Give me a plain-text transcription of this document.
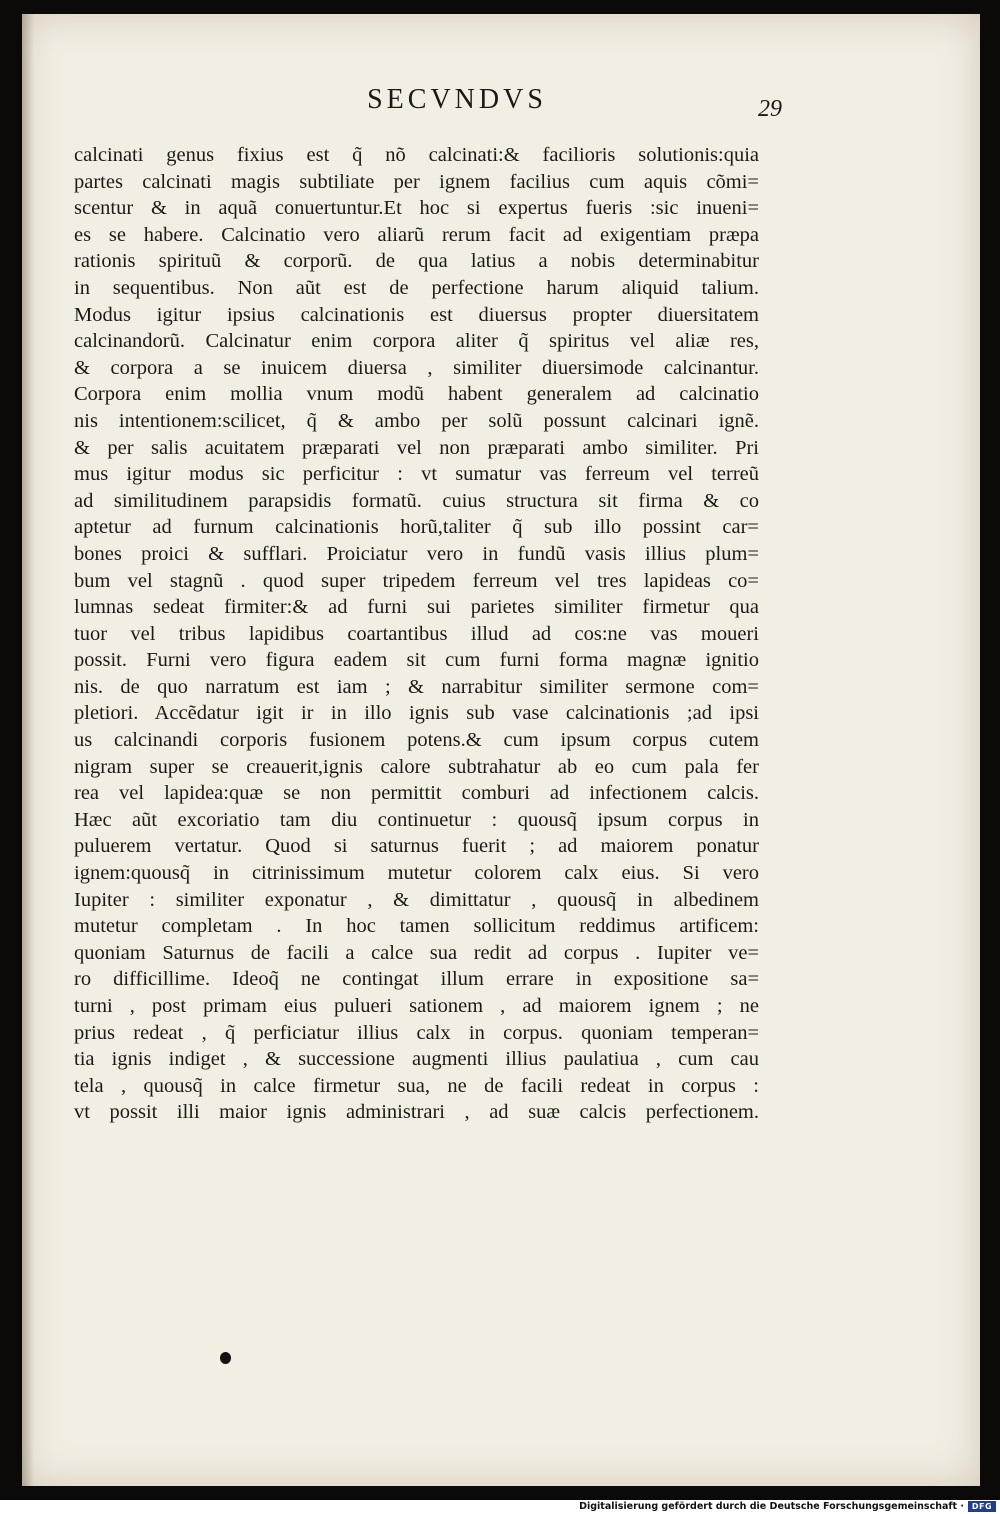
SECVNDVS	29
calcinati genus fixius est q̃ nõ calcinati:& facilioris solutionis:quia
partes calcinati magis subtiliate per ignem facilius cum aquis cõmi=
scentur & in aquã conuertuntur.Et hoc si expertus fueris :sic inueni=
es se habere. Calcinatio vero aliarũ rerum facit ad exigentiam præpa
rationis spirituũ & corporũ. de qua latius a nobis determinabitur
in sequentibus. Non aũt est de perfectione harum aliquid talium.
Modus igitur ipsius calcinationis est diuersus propter diuersitatem
calcinandorũ. Calcinatur enim corpora aliter q̃ spiritus vel aliæ res,
& corpora a se inuicem diuersa , similiter diuersimode calcinantur.
Corpora enim mollia vnum modũ habent generalem ad calcinatio
nis intentionem:scilicet, q̃ & ambo per solũ possunt calcinari ignẽ.
& per salis acuitatem præparati vel non præparati ambo similiter. Pri
mus igitur modus sic perficitur : vt sumatur vas ferreum vel terreũ
ad similitudinem parapsidis formatũ. cuius structura sit firma & co
aptetur ad furnum calcinationis horũ,taliter q̃ sub illo possint car=
bones proici & sufflari. Proiciatur vero in fundũ vasis illius plum=
bum vel stagnũ . quod super tripedem ferreum vel tres lapideas co=
lumnas sedeat firmiter:& ad furni sui parietes similiter firmetur qua
tuor vel tribus lapidibus coartantibus illud ad cos:ne vas moueri
possit. Furni vero figura eadem sit cum furni forma magnæ ignitio
nis. de quo narratum est iam ; & narrabitur similiter sermone com=
pletiori. Accẽdatur igit ir in illo ignis sub vase calcinationis ;ad ipsi
us calcinandi corporis fusionem potens.& cum ipsum corpus cutem
nigram super se creauerit,ignis calore subtrahatur ab eo cum pala fer
rea vel lapidea:quæ se non permittit comburi ad infectionem calcis.
Hæc aũt excoriatio tam diu continuetur : quousq̃ ipsum corpus in
puluerem vertatur. Quod si saturnus fuerit ; ad maiorem ponatur
ignem:quousq̃ in citrinissimum mutetur colorem calx eius. Si vero
Iupiter : similiter exponatur , & dimittatur , quousq̃ in albedinem
mutetur completam . In hoc tamen sollicitum reddimus artificem:
quoniam Saturnus de facili a calce sua redit ad corpus . Iupiter ve=
ro difficillime. Ideoq̃ ne contingat illum errare in expositione sa=
turni , post primam eius pulueri sationem , ad maiorem ignem ; ne
prius redeat , q̃ perficiatur illius calx in corpus. quoniam temperan=
tia ignis indiget , & successione augmenti illius paulatiua , cum cau
tela , quousq̃ in calce firmetur sua, ne de facili redeat in corpus :
vt possit illi maior ignis administrari , ad suæ calcis perfectionem.
Digitalisierung gefördert durch die Deutsche Forschungsgemeinschaft · DFG
